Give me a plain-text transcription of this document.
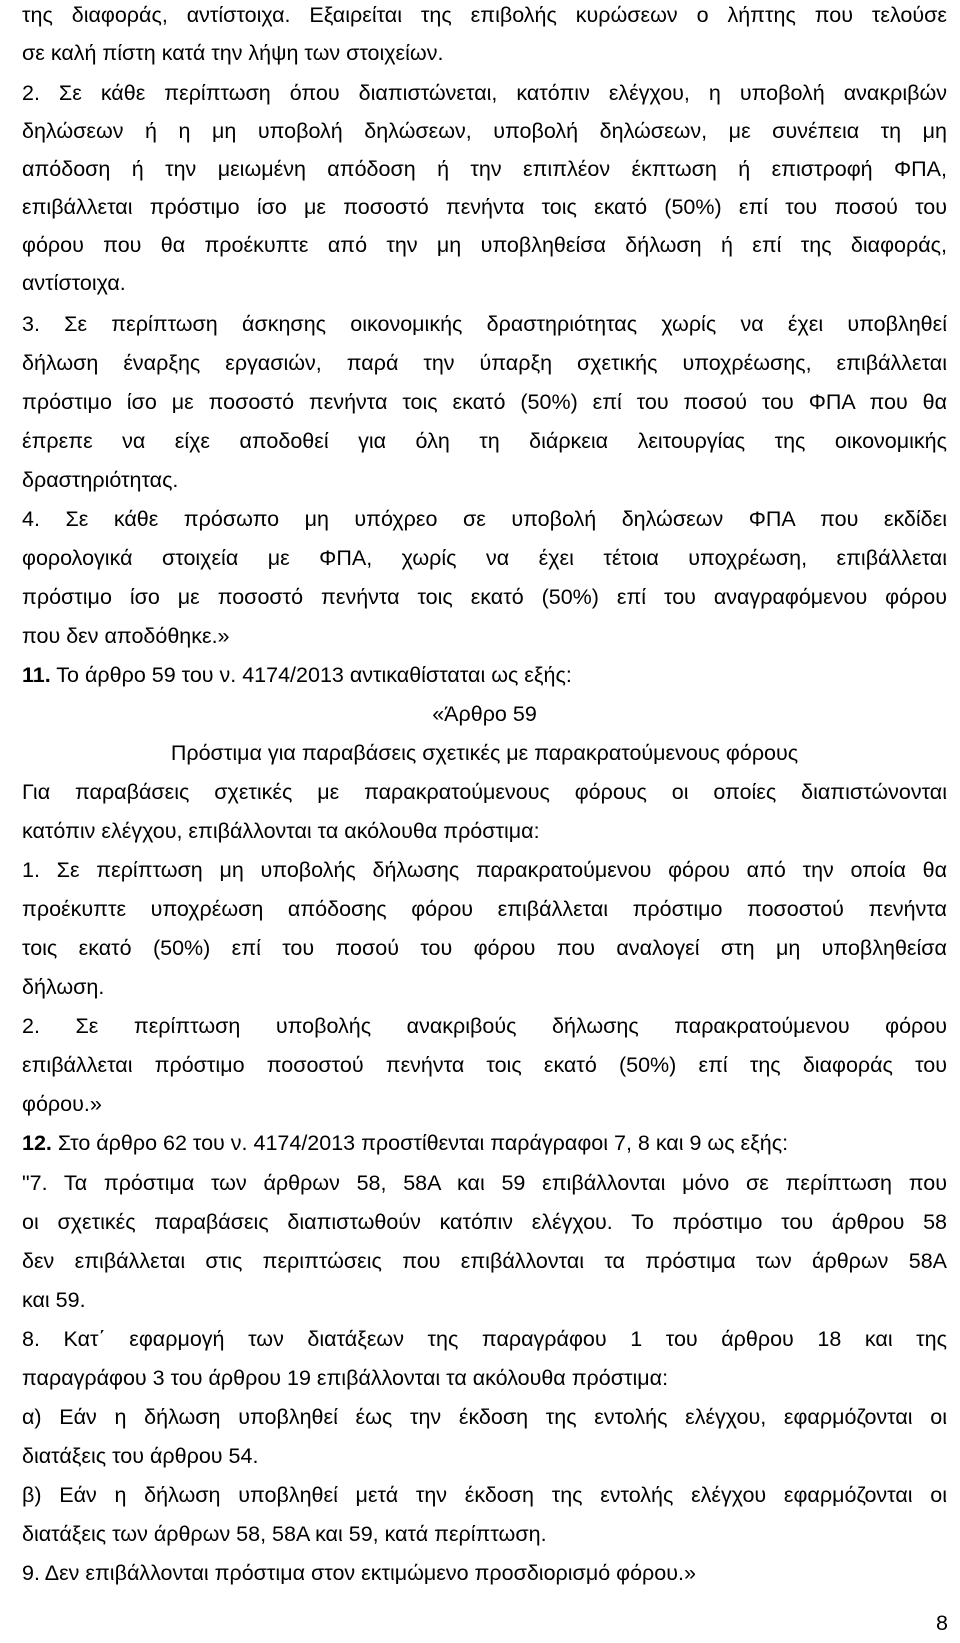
της διαφοράς, αντίστοιχα. Εξαιρείται της επιβολής κυρώσεων ο λήπτης που τελούσε
σε καλή πίστη κατά την λήψη των στοιχείων.
2. Σε κάθε περίπτωση όπου διαπιστώνεται, κατόπιν ελέγχου, η υποβολή ανακριβών
δηλώσεων ή η μη υποβολή δηλώσεων, υποβολή δηλώσεων, με συνέπεια τη μη
απόδοση ή την μειωμένη απόδοση ή την επιπλέον έκπτωση ή επιστροφή ΦΠΑ,
επιβάλλεται πρόστιμο ίσο με ποσοστό πενήντα τοις εκατό (50%) επί του ποσού του
φόρου που θα προέκυπτε από την μη υποβληθείσα δήλωση ή επί της διαφοράς,
αντίστοιχα.
3. Σε περίπτωση άσκησης οικονομικής δραστηριότητας χωρίς να έχει υποβληθεί
δήλωση έναρξης εργασιών, παρά την ύπαρξη σχετικής υποχρέωσης, επιβάλλεται
πρόστιμο ίσο με ποσοστό πενήντα τοις εκατό (50%) επί του ποσού του ΦΠΑ που θα
έπρεπε να είχε αποδοθεί για όλη τη διάρκεια λειτουργίας της οικονομικής
δραστηριότητας.
4. Σε κάθε πρόσωπο μη υπόχρεο σε υποβολή δηλώσεων ΦΠΑ που εκδίδει
φορολογικά στοιχεία με ΦΠΑ, χωρίς να έχει τέτοια υποχρέωση, επιβάλλεται
πρόστιμο ίσο με ποσοστό πενήντα τοις εκατό (50%) επί του αναγραφόμενου φόρου
που δεν αποδόθηκε.»
11. Το άρθρο 59 του ν. 4174/2013 αντικαθίσταται ως εξής:
«Άρθρο 59
Πρόστιμα για παραβάσεις σχετικές με παρακρατούμενους φόρους
Για παραβάσεις σχετικές με παρακρατούμενους φόρους οι οποίες διαπιστώνονται
κατόπιν ελέγχου, επιβάλλονται τα ακόλουθα πρόστιμα:
1. Σε περίπτωση μη υποβολής δήλωσης παρακρατούμενου φόρου από την οποία θα
προέκυπτε υποχρέωση απόδοσης φόρου επιβάλλεται πρόστιμο ποσοστού πενήντα
τοις εκατό (50%) επί του ποσού του φόρου που αναλογεί στη μη υποβληθείσα
δήλωση.
2. Σε περίπτωση υποβολής ανακριβούς δήλωσης παρακρατούμενου φόρου
επιβάλλεται πρόστιμο ποσοστού πενήντα τοις εκατό (50%) επί της διαφοράς του
φόρου.»
12. Στο άρθρο 62 του ν. 4174/2013 προστίθενται παράγραφοι 7, 8 και 9 ως εξής:
"7. Τα πρόστιμα των άρθρων 58, 58Α και 59 επιβάλλονται μόνο σε περίπτωση που
οι σχετικές παραβάσεις διαπιστωθούν κατόπιν ελέγχου. Το πρόστιμο του άρθρου 58
δεν επιβάλλεται στις περιπτώσεις που επιβάλλονται τα πρόστιμα των άρθρων 58Α
και 59.
8. Κατ΄ εφαρμογή των διατάξεων της παραγράφου 1 του άρθρου 18 και της
παραγράφου 3 του άρθρου 19 επιβάλλονται τα ακόλουθα πρόστιμα:
α) Εάν η δήλωση υποβληθεί έως την έκδοση της εντολής ελέγχου, εφαρμόζονται οι
διατάξεις του άρθρου 54.
β) Εάν η δήλωση υποβληθεί μετά την έκδοση της εντολής ελέγχου εφαρμόζονται οι
διατάξεις των άρθρων 58, 58Α και 59, κατά περίπτωση.
9. Δεν επιβάλλονται πρόστιμα στον εκτιμώμενο προσδιορισμό φόρου.»
8
